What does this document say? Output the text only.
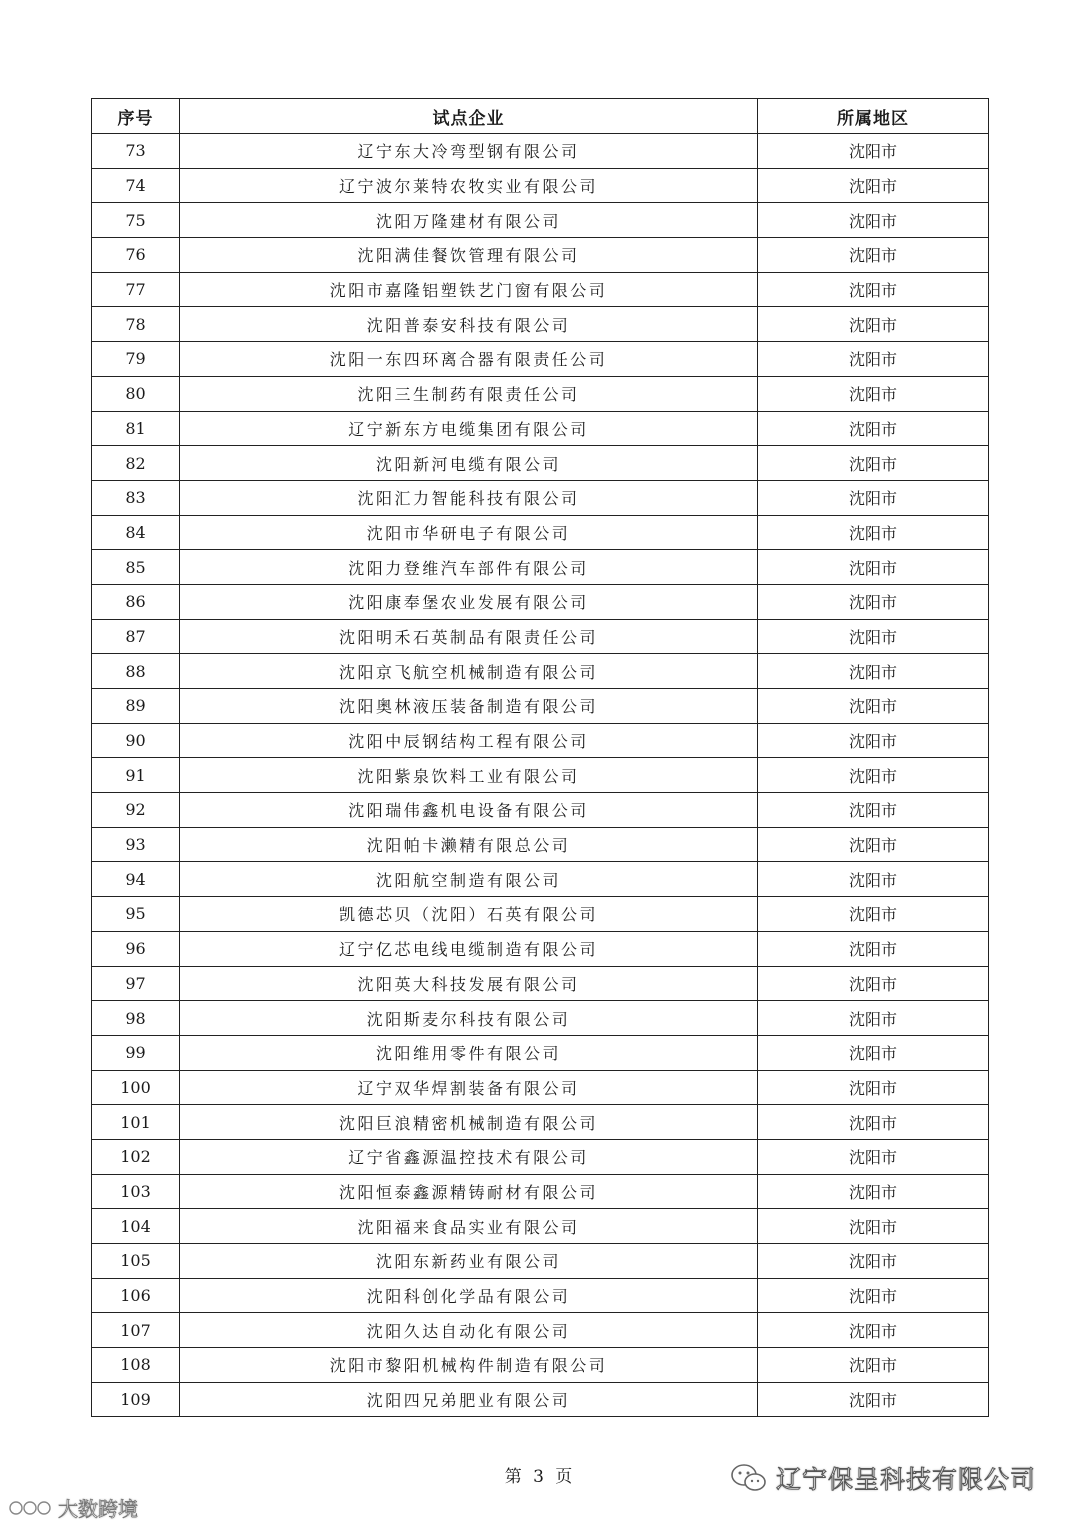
序号	试点企业	所属地区
73	辽宁东大冷弯型钢有限公司	沈阳市
74	辽宁波尔莱特农牧实业有限公司	沈阳市
75	沈阳万隆建材有限公司	沈阳市
76	沈阳满佳餐饮管理有限公司	沈阳市
77	沈阳市嘉隆铝塑铁艺门窗有限公司	沈阳市
78	沈阳普泰安科技有限公司	沈阳市
79	沈阳一东四环离合器有限责任公司	沈阳市
80	沈阳三生制药有限责任公司	沈阳市
81	辽宁新东方电缆集团有限公司	沈阳市
82	沈阳新河电缆有限公司	沈阳市
83	沈阳汇力智能科技有限公司	沈阳市
84	沈阳市华研电子有限公司	沈阳市
85	沈阳力登维汽车部件有限公司	沈阳市
86	沈阳康奉堡农业发展有限公司	沈阳市
87	沈阳明禾石英制品有限责任公司	沈阳市
88	沈阳京飞航空机械制造有限公司	沈阳市
89	沈阳奥林液压装备制造有限公司	沈阳市
90	沈阳中辰钢结构工程有限公司	沈阳市
91	沈阳紫泉饮料工业有限公司	沈阳市
92	沈阳瑞伟鑫机电设备有限公司	沈阳市
93	沈阳帕卡濑精有限总公司	沈阳市
94	沈阳航空制造有限公司	沈阳市
95	凯德芯贝（沈阳）石英有限公司	沈阳市
96	辽宁亿芯电线电缆制造有限公司	沈阳市
97	沈阳英大科技发展有限公司	沈阳市
98	沈阳斯麦尔科技有限公司	沈阳市
99	沈阳维用零件有限公司	沈阳市
100	辽宁双华焊割装备有限公司	沈阳市
101	沈阳巨浪精密机械制造有限公司	沈阳市
102	辽宁省鑫源温控技术有限公司	沈阳市
103	沈阳恒泰鑫源精铸耐材有限公司	沈阳市
104	沈阳福来食品实业有限公司	沈阳市
105	沈阳东新药业有限公司	沈阳市
106	沈阳科创化学品有限公司	沈阳市
107	沈阳久达自动化有限公司	沈阳市
108	沈阳市黎阳机械构件制造有限公司	沈阳市
109	沈阳四兄弟肥业有限公司	沈阳市
第 3 页	辽宁保呈科技有限公司
大数跨境
